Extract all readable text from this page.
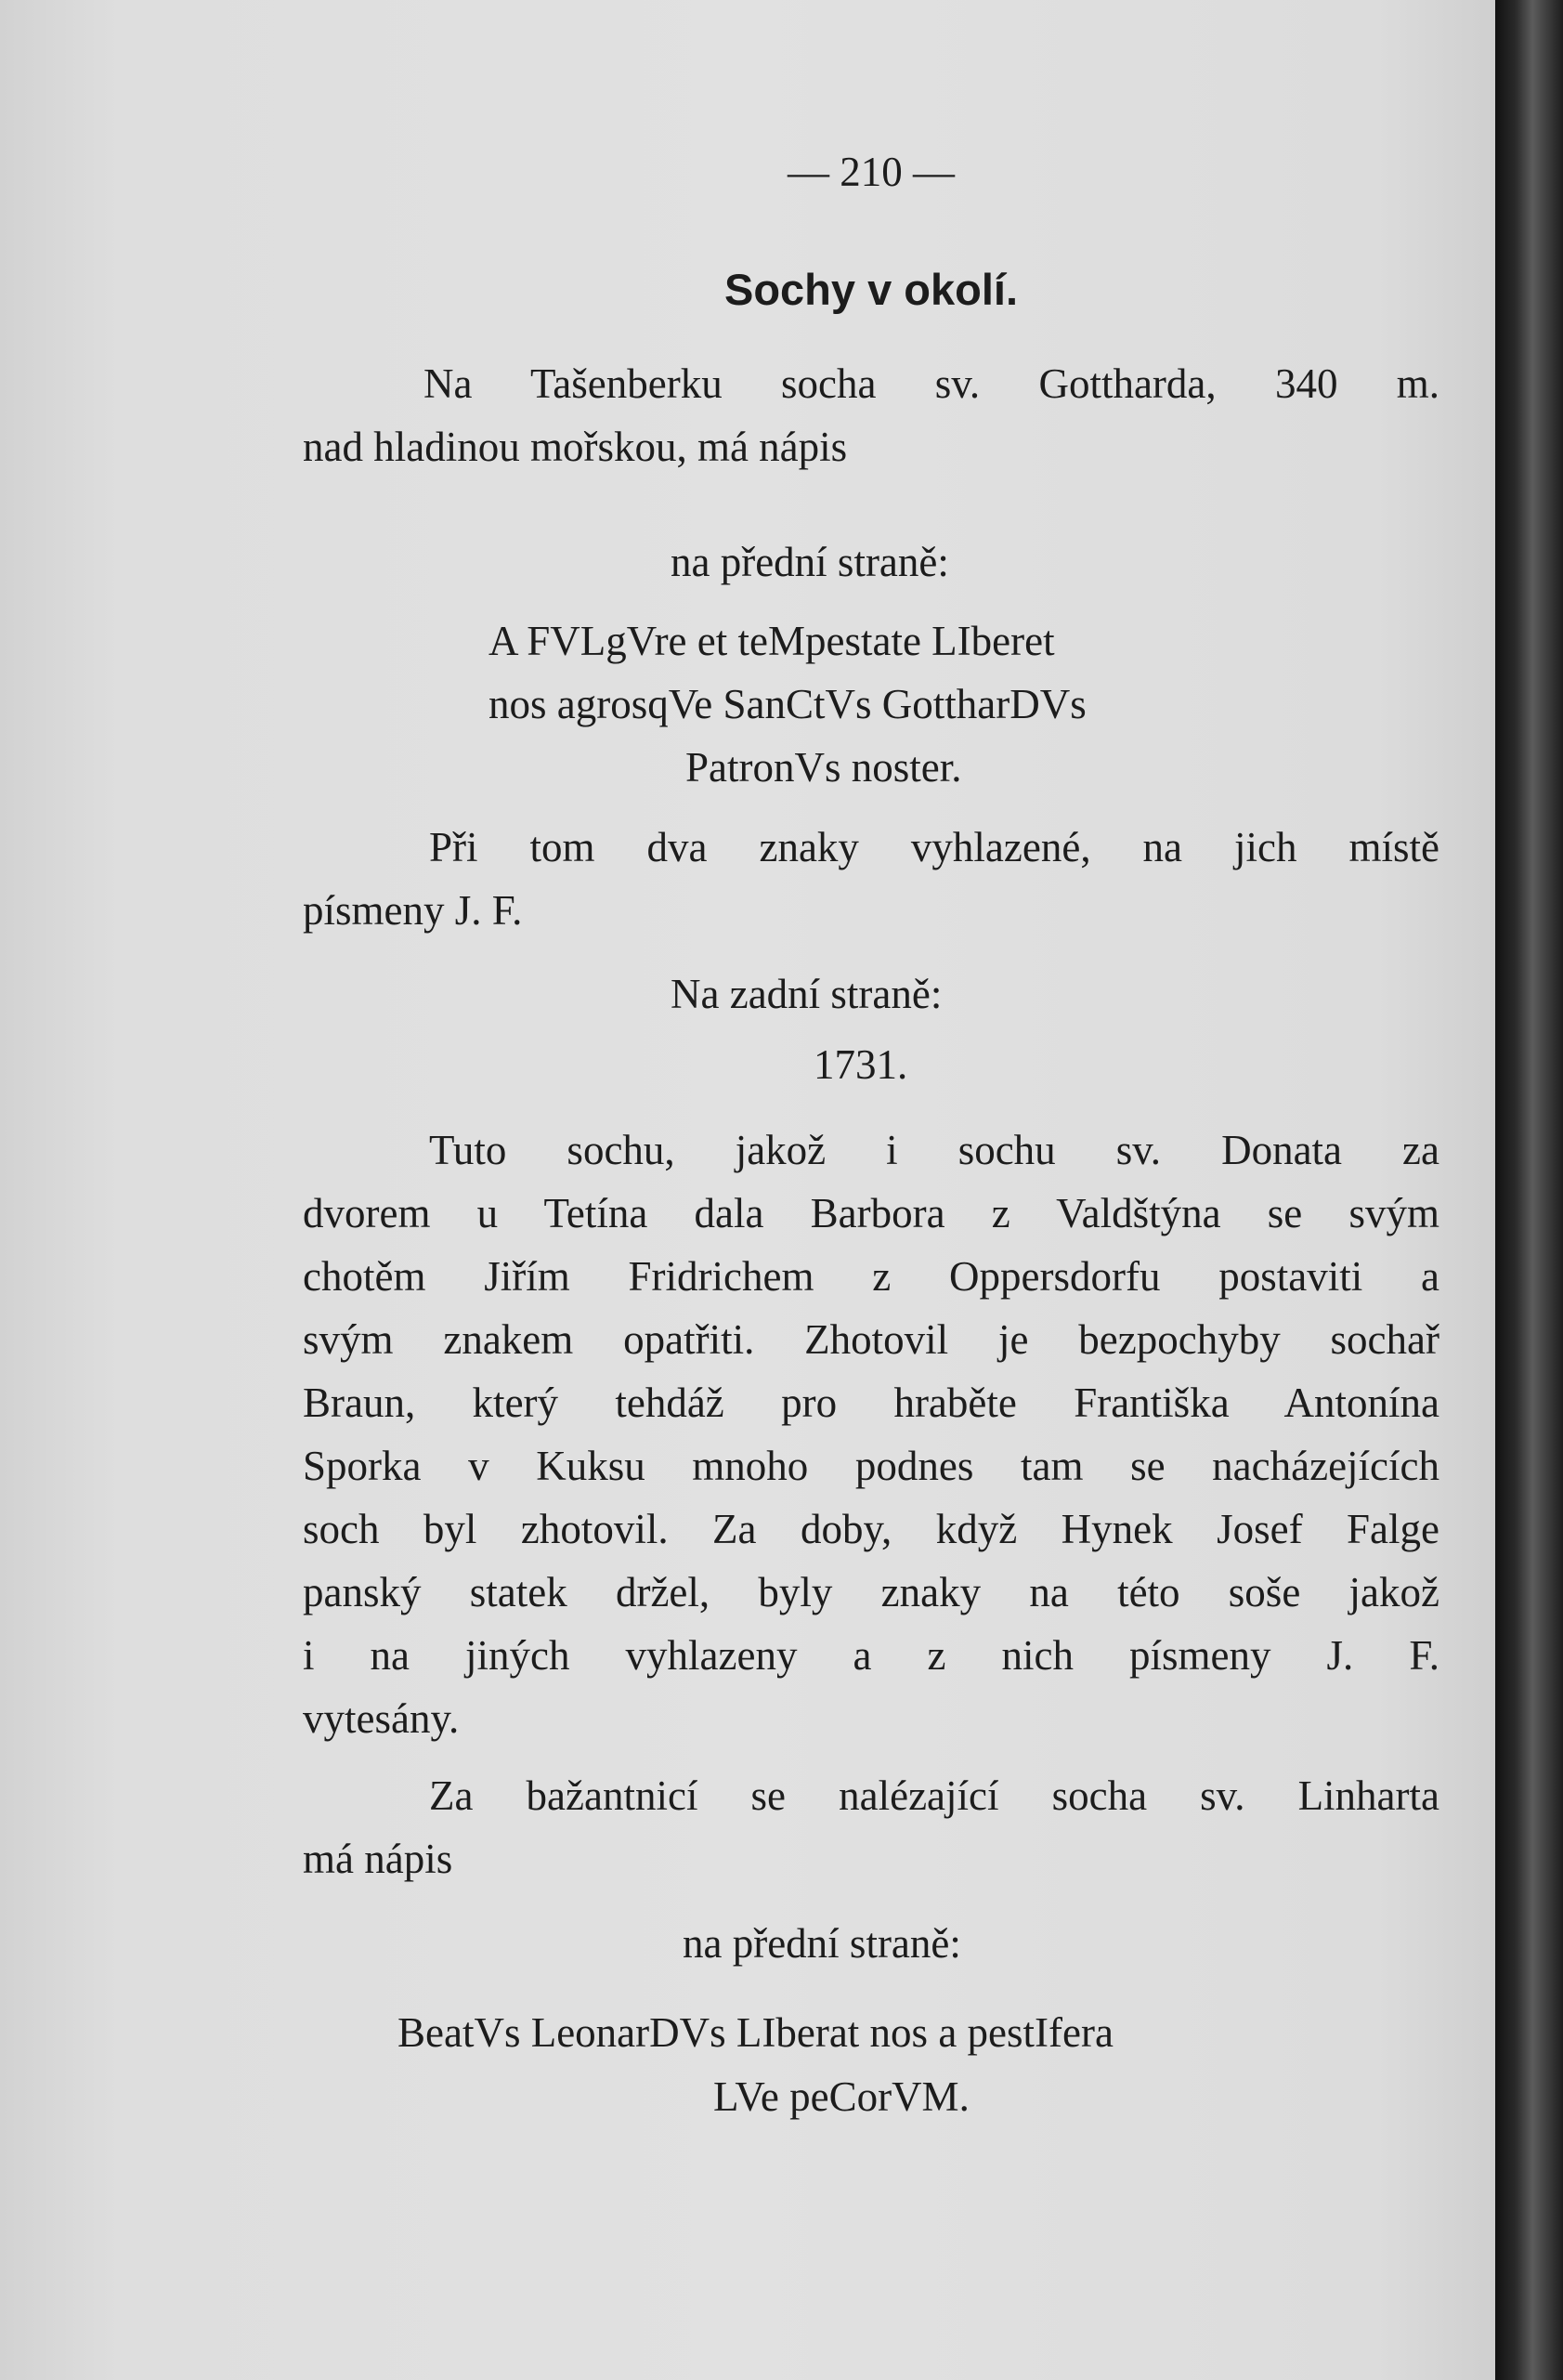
— 210 —
Sochy v okolí.
Na Tašenberku socha sv. Gottharda, 340 m.
nad hladinou mořskou, má nápis
na přední straně:
A FVLgVre et teMpestate LIberet
nos agrosqVe SanCtVs GottharDVs
PatronVs noster.
Při tom dva znaky vyhlazené, na jich místě
písmeny J. F.
Na zadní straně:
1731.
Tuto sochu, jakož i sochu sv. Donata za
dvorem u Tetína dala Barbora z Valdštýna se svým
chotěm Jiřím Fridrichem z Oppersdorfu postaviti a
svým znakem opatřiti. Zhotovil je bezpochyby sochař
Braun, který tehdáž pro hraběte Františka Antonína
Sporka v Kuksu mnoho podnes tam se nacházejících
soch byl zhotovil. Za doby, když Hynek Josef Falge
panský statek držel, byly znaky na této soše jakož
i na jiných vyhlazeny a z nich písmeny J. F.
vytesány.
Za bažantnicí se nalézající socha sv. Linharta
má nápis
na přední straně:
BeatVs LeonarDVs LIberat nos a pestIfera
LVe peCorVM.
